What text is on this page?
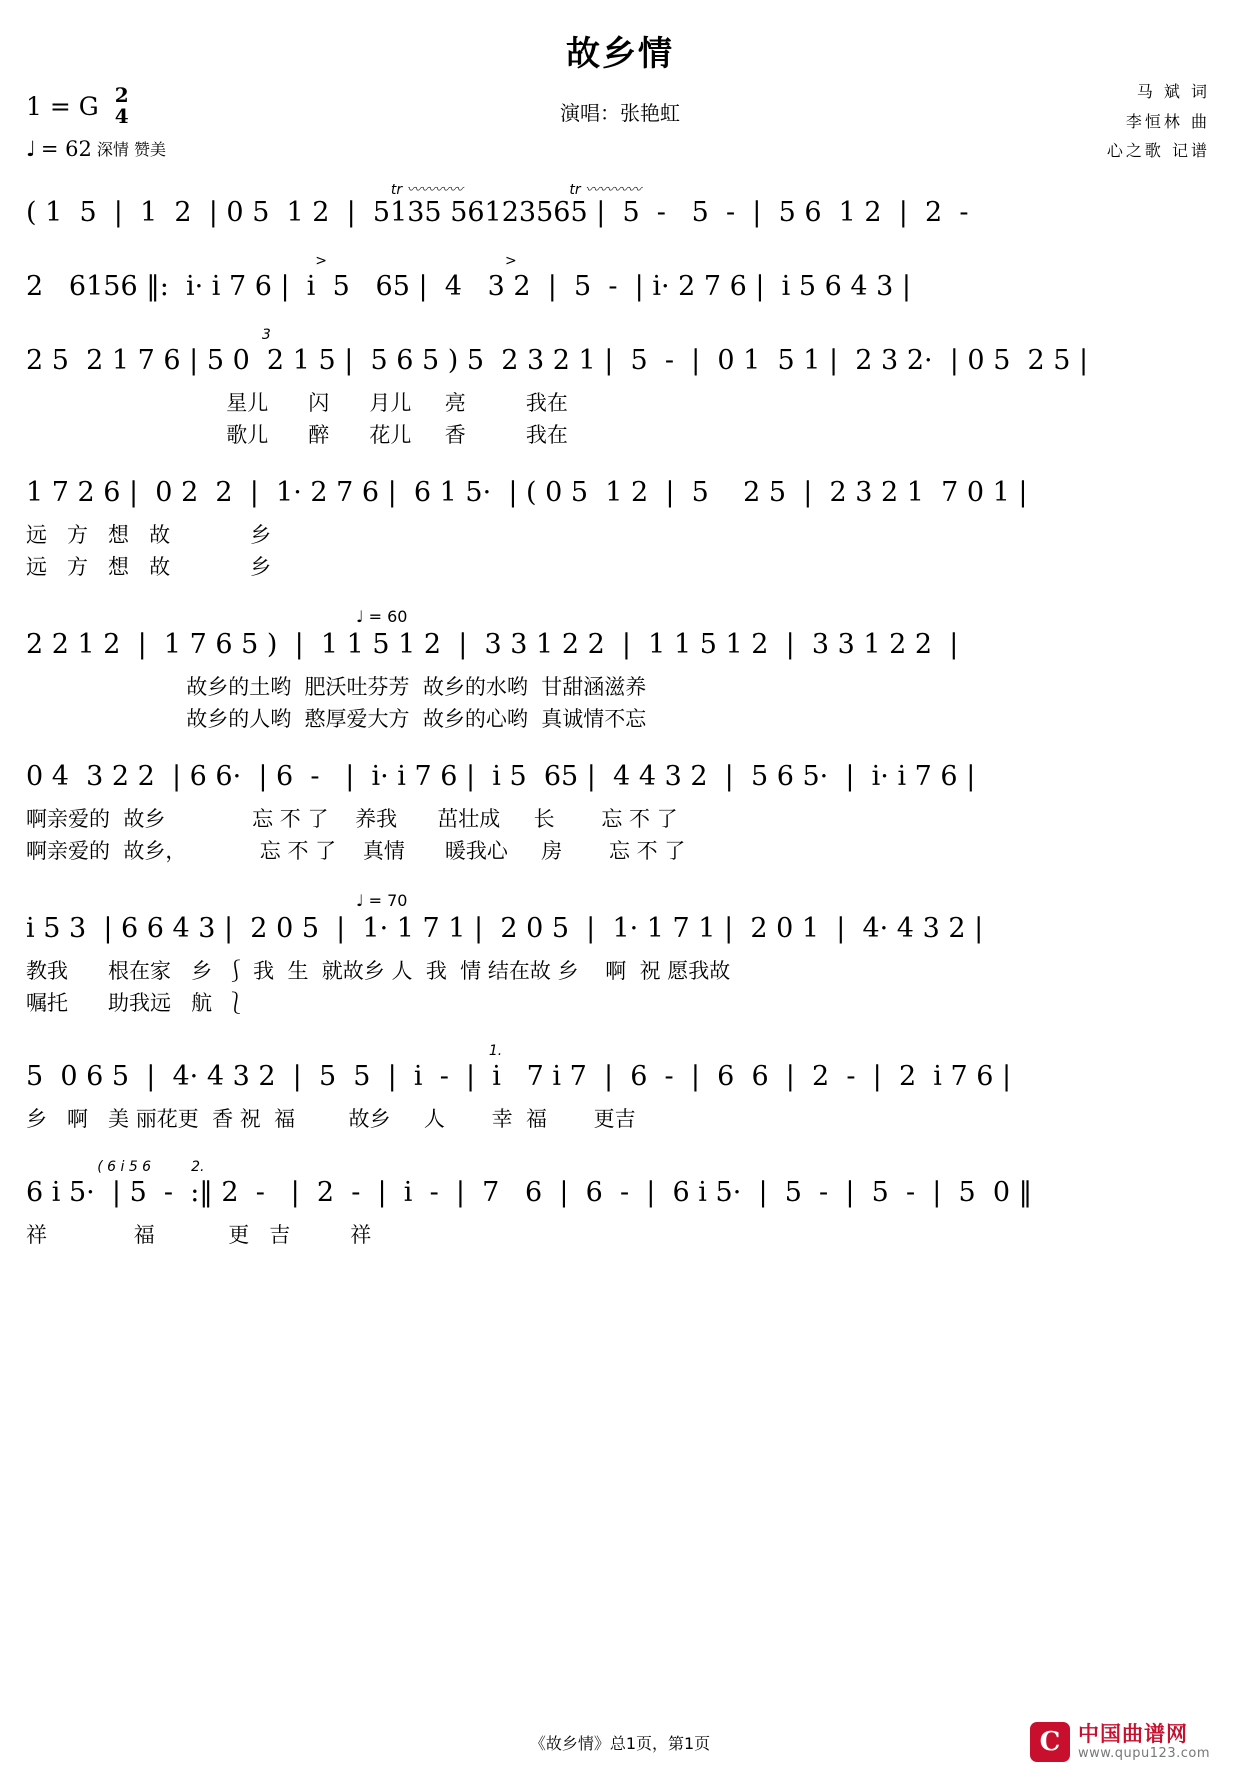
故乡情
1 = G 2
4
♩ = 62 深情 赞美
演唱：张艳虹
马 斌 词
李恒林 曲
心之歌 记谱
tr 〰〰〰〰                        tr 〰〰〰〰
( 1  5  |  1  2  | 0 5  1 2  |  5135 56123565 |  5  -   5  -  |  5 6  1 2  |  2  -
>                                        >
2   6156 ‖:  i· i 7 6 |  i  5   65 |  4   3 2  |  5  -  | i· 2 7 6 |  i 5 6 4 3 |
3
2 5  2 1 7 6 | 5 0  2 1 5 |  5 6 5 ) 5  2 3 2 1 |  5  -  |  0 1  5 1 |  2 3 2·  | 0 5  2 5 |
星儿      闪      月儿     亮         我在
歌儿      醉      花儿     香         我在
1 7 2 6 |  0 2  2  |  1· 2 7 6 |  6 1 5·  | ( 0 5  1 2  |  5    2 5  |  2 3 2 1  7 0 1 |
远   方   想   故            乡
远   方   想   故            乡
♩ = 60
2 2 1 2  |  1 7 6 5 )  |  1 1 5 1 2  |  3 3 1 2 2  |  1 1 5 1 2  |  3 3 1 2 2  |
故乡的土哟  肥沃吐芬芳  故乡的水哟  甘甜涵滋养
故乡的人哟  憨厚爱大方  故乡的心哟  真诚情不忘
0 4  3 2 2  | 6 6·  | 6  -   |  i· i 7 6 |  i 5  65 |  4 4 3 2  |  5 6 5·  |  i· i 7 6 |
啊亲爱的  故乡             忘 不 了    养我      茁壮成     长       忘 不 了
啊亲爱的  故乡，           忘 不 了    真情      暖我心     房       忘 不 了
♩ = 70
i 5 3  | 6 6 4 3 |  2 0 5  |  1· 1 7 1 |  2 0 5  |  1· 1 7 1 |  2 0 1  |  4· 4 3 2 |
教我      根在家   乡  ⎰ 我  生  就故乡 人  我  情 结在故 乡    啊  祝 愿我故
嘱托      助我远   航  ⎱
1.
5  0 6 5  |  4· 4 3 2  |  5  5  |  i  -  |  i   7 i 7  |  6  -  |  6  6  |  2  -  |  2  i 7 6 |
乡   啊   美 丽花更  香 祝  福        故乡     人       幸  福       更吉
( 6 i 5 6         2.
6 i 5·  | 5  -  :‖ 2  -   |  2  -  |  i  -  |  7   6  |  6  -  |  6 i 5·  |  5  -  |  5  -  |  5  0 ‖
祥             福           更   吉         祥
《故乡情》总1页，第1页	C 中国曲谱网
www.qupu123.com
